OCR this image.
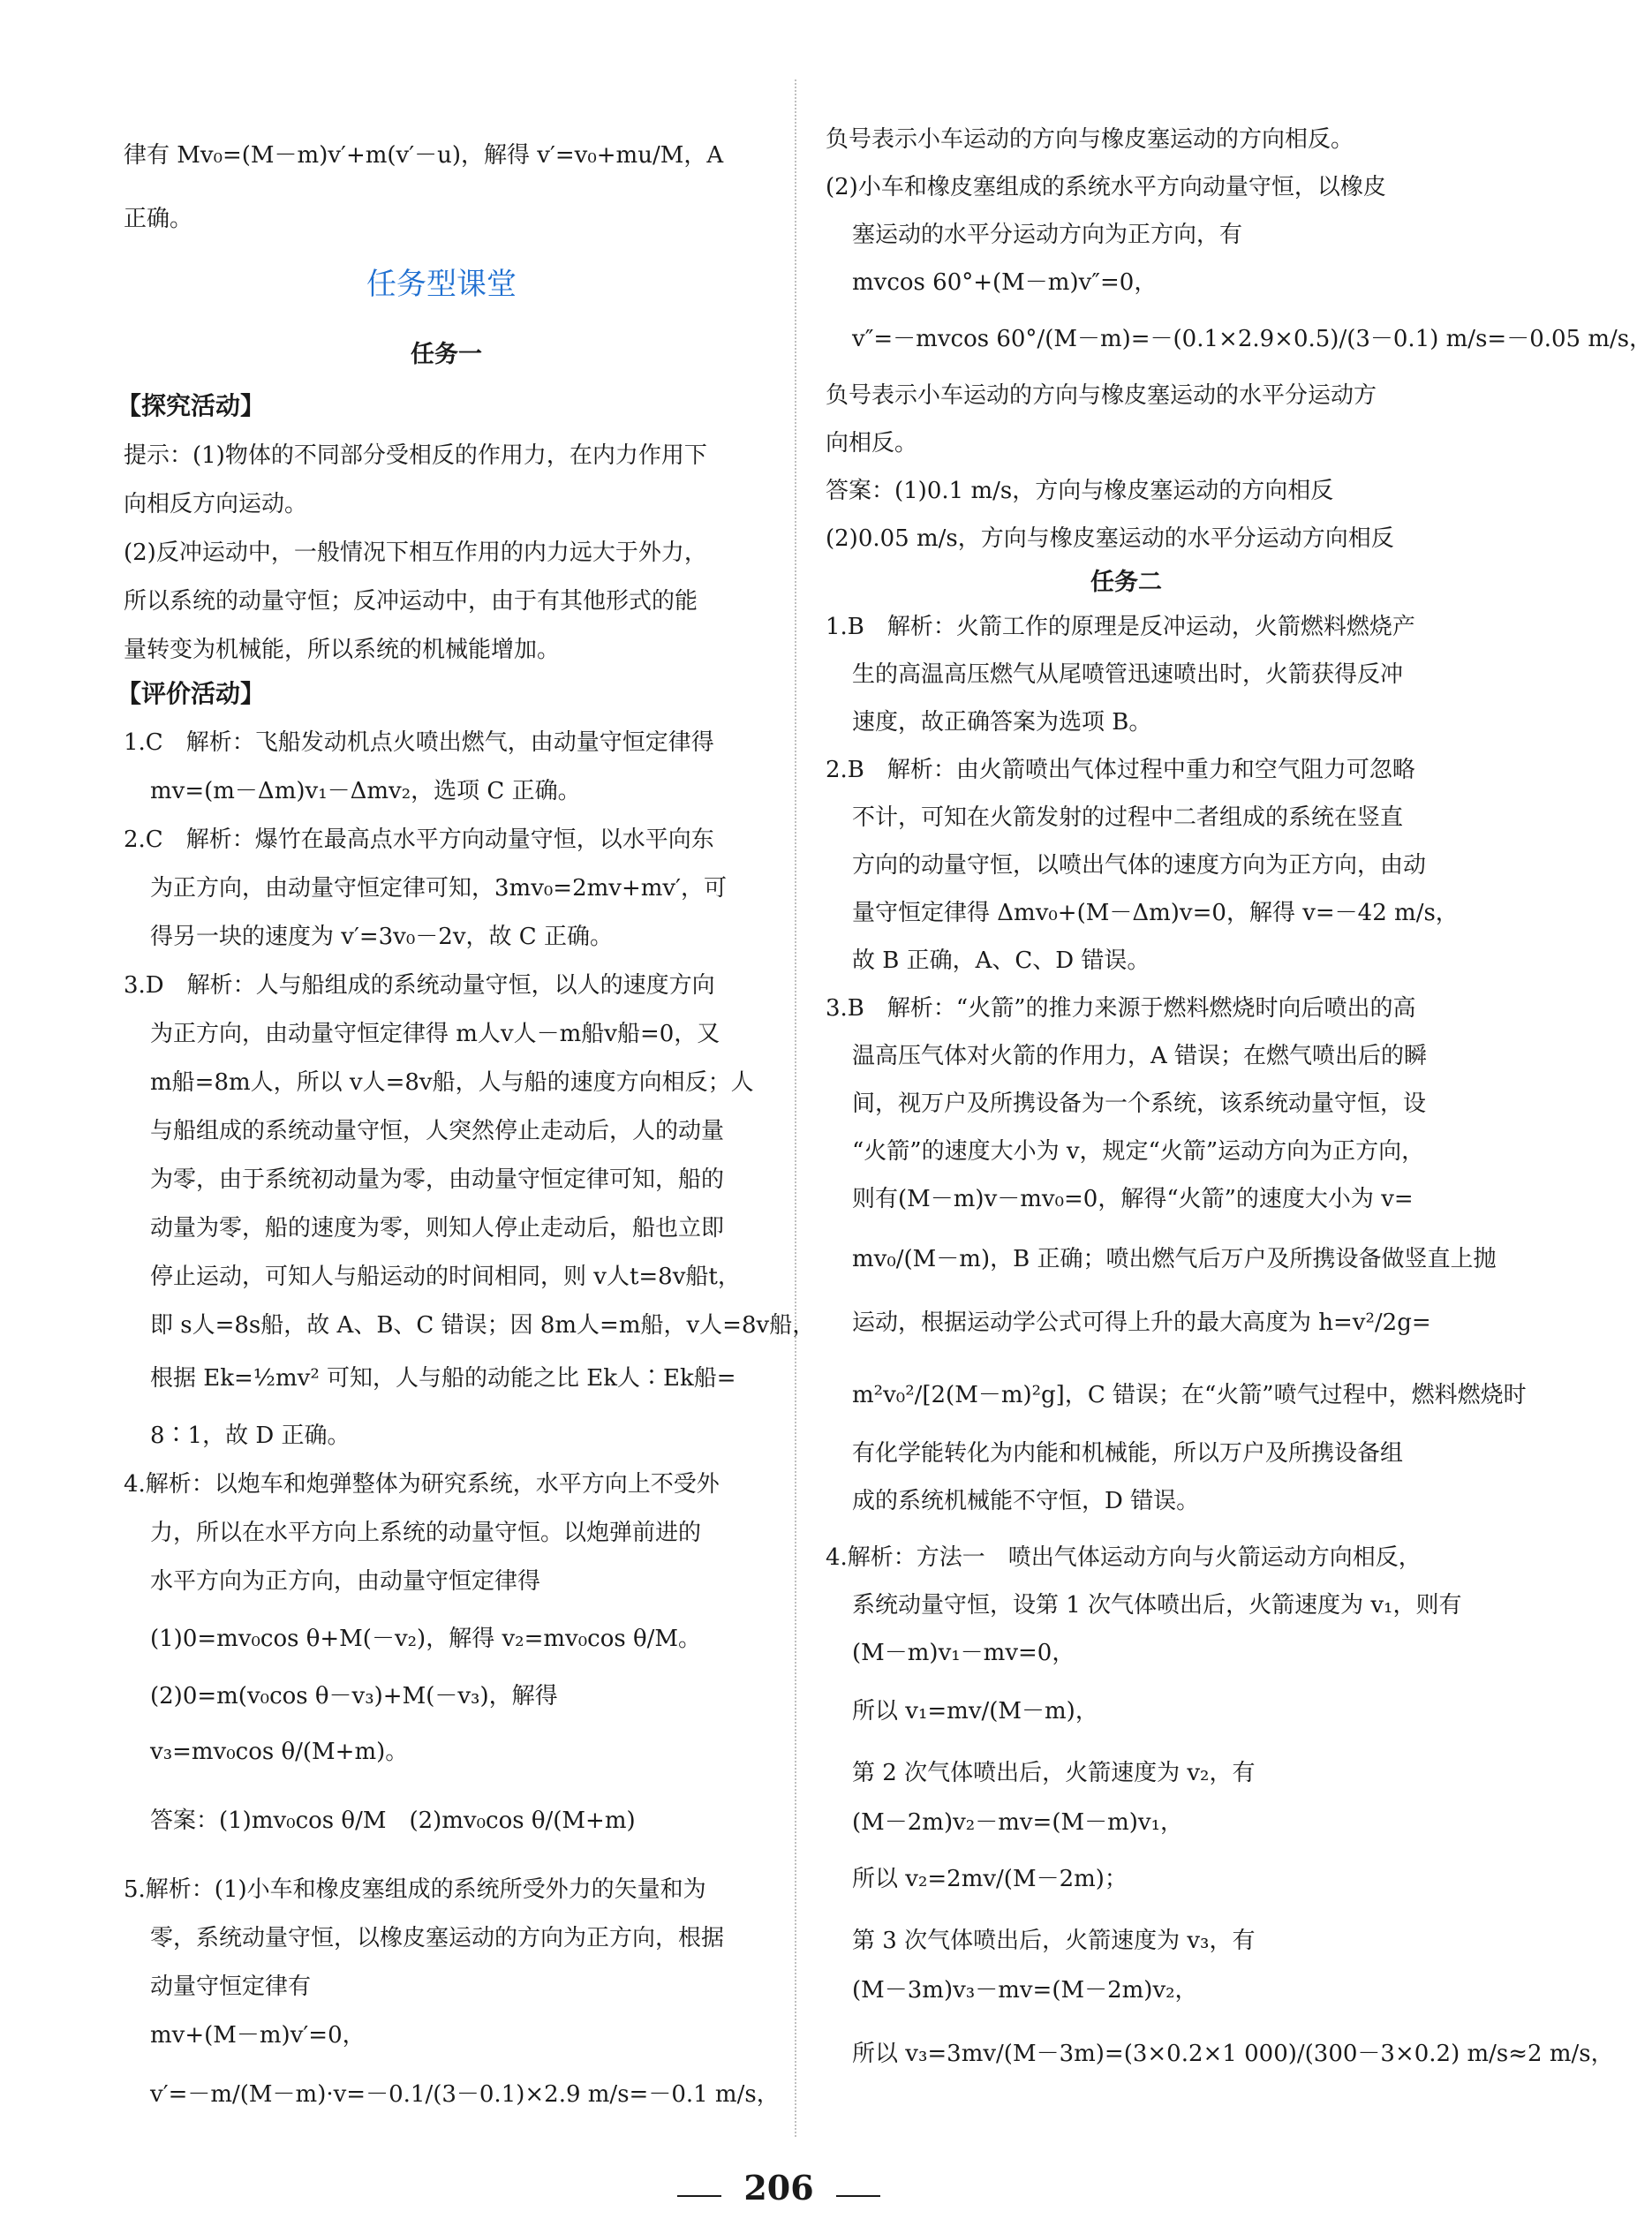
律有 Mv₀=(M－m)v′+m(v′－u)，解得 v′=v₀+mu/M，A
正确。
任务型课堂
任务一
【探究活动】
提示：(1)物体的不同部分受相反的作用力，在内力作用下
向相反方向运动。
(2)反冲运动中，一般情况下相互作用的内力远大于外力，
所以系统的动量守恒；反冲运动中，由于有其他形式的能
量转变为机械能，所以系统的机械能增加。
【评价活动】
1.C　解析：飞船发动机点火喷出燃气，由动量守恒定律得
mv=(m－Δm)v₁－Δmv₂，选项 C 正确。
2.C　解析：爆竹在最高点水平方向动量守恒，以水平向东
为正方向，由动量守恒定律可知，3mv₀=2mv+mv′，可
得另一块的速度为 v′=3v₀－2v，故 C 正确。
3.D　解析：人与船组成的系统动量守恒，以人的速度方向
为正方向，由动量守恒定律得 m人v人－m船v船=0，又
m船=8m人，所以 v人=8v船，人与船的速度方向相反；人
与船组成的系统动量守恒，人突然停止走动后，人的动量
为零，由于系统初动量为零，由动量守恒定律可知，船的
动量为零，船的速度为零，则知人停止走动后，船也立即
停止运动，可知人与船运动的时间相同，则 v人t=8v船t，
即 s人=8s船，故 A、B、C 错误；因 8m人=m船，v人=8v船，
根据 Ek=½mv² 可知，人与船的动能之比 Ek人∶Ek船=
8∶1，故 D 正确。
4.解析：以炮车和炮弹整体为研究系统，水平方向上不受外
力，所以在水平方向上系统的动量守恒。以炮弹前进的
水平方向为正方向，由动量守恒定律得
(1)0=mv₀cos θ+M(－v₂)，解得 v₂=mv₀cos θ/M。
(2)0=m(v₀cos θ－v₃)+M(－v₃)，解得
v₃=mv₀cos θ/(M+m)。
答案：(1)mv₀cos θ/M　(2)mv₀cos θ/(M+m)
5.解析：(1)小车和橡皮塞组成的系统所受外力的矢量和为
零，系统动量守恒，以橡皮塞运动的方向为正方向，根据
动量守恒定律有
mv+(M－m)v′=0，
v′=－m/(M－m)·v=－0.1/(3－0.1)×2.9 m/s=－0.1 m/s，
负号表示小车运动的方向与橡皮塞运动的方向相反。
(2)小车和橡皮塞组成的系统水平方向动量守恒，以橡皮
塞运动的水平分运动方向为正方向，有
mvcos 60°+(M－m)v″=0，
v″=－mvcos 60°/(M－m)=－(0.1×2.9×0.5)/(3－0.1) m/s=－0.05 m/s，
负号表示小车运动的方向与橡皮塞运动的水平分运动方
向相反。
答案：(1)0.1 m/s，方向与橡皮塞运动的方向相反
(2)0.05 m/s，方向与橡皮塞运动的水平分运动方向相反
任务二
1.B　解析：火箭工作的原理是反冲运动，火箭燃料燃烧产
生的高温高压燃气从尾喷管迅速喷出时，火箭获得反冲
速度，故正确答案为选项 B。
2.B　解析：由火箭喷出气体过程中重力和空气阻力可忽略
不计，可知在火箭发射的过程中二者组成的系统在竖直
方向的动量守恒，以喷出气体的速度方向为正方向，由动
量守恒定律得 Δmv₀+(M－Δm)v=0，解得 v=－42 m/s，
故 B 正确，A、C、D 错误。
3.B　解析：“火箭”的推力来源于燃料燃烧时向后喷出的高
温高压气体对火箭的作用力，A 错误；在燃气喷出后的瞬
间，视万户及所携设备为一个系统，该系统动量守恒，设
“火箭”的速度大小为 v，规定“火箭”运动方向为正方向，
则有(M－m)v－mv₀=0，解得“火箭”的速度大小为 v=
mv₀/(M－m)，B 正确；喷出燃气后万户及所携设备做竖直上抛
运动，根据运动学公式可得上升的最大高度为 h=v²/2g=
m²v₀²/[2(M－m)²g]，C 错误；在“火箭”喷气过程中，燃料燃烧时
有化学能转化为内能和机械能，所以万户及所携设备组
成的系统机械能不守恒，D 错误。
4.解析：方法一　喷出气体运动方向与火箭运动方向相反，
系统动量守恒，设第 1 次气体喷出后，火箭速度为 v₁，则有
(M－m)v₁－mv=0，
所以 v₁=mv/(M－m)，
第 2 次气体喷出后，火箭速度为 v₂，有
(M－2m)v₂－mv=(M－m)v₁，
所以 v₂=2mv/(M－2m)；
第 3 次气体喷出后，火箭速度为 v₃，有
(M－3m)v₃－mv=(M－2m)v₂，
所以 v₃=3mv/(M－3m)=(3×0.2×1 000)/(300－3×0.2) m/s≈2 m/s，
206
